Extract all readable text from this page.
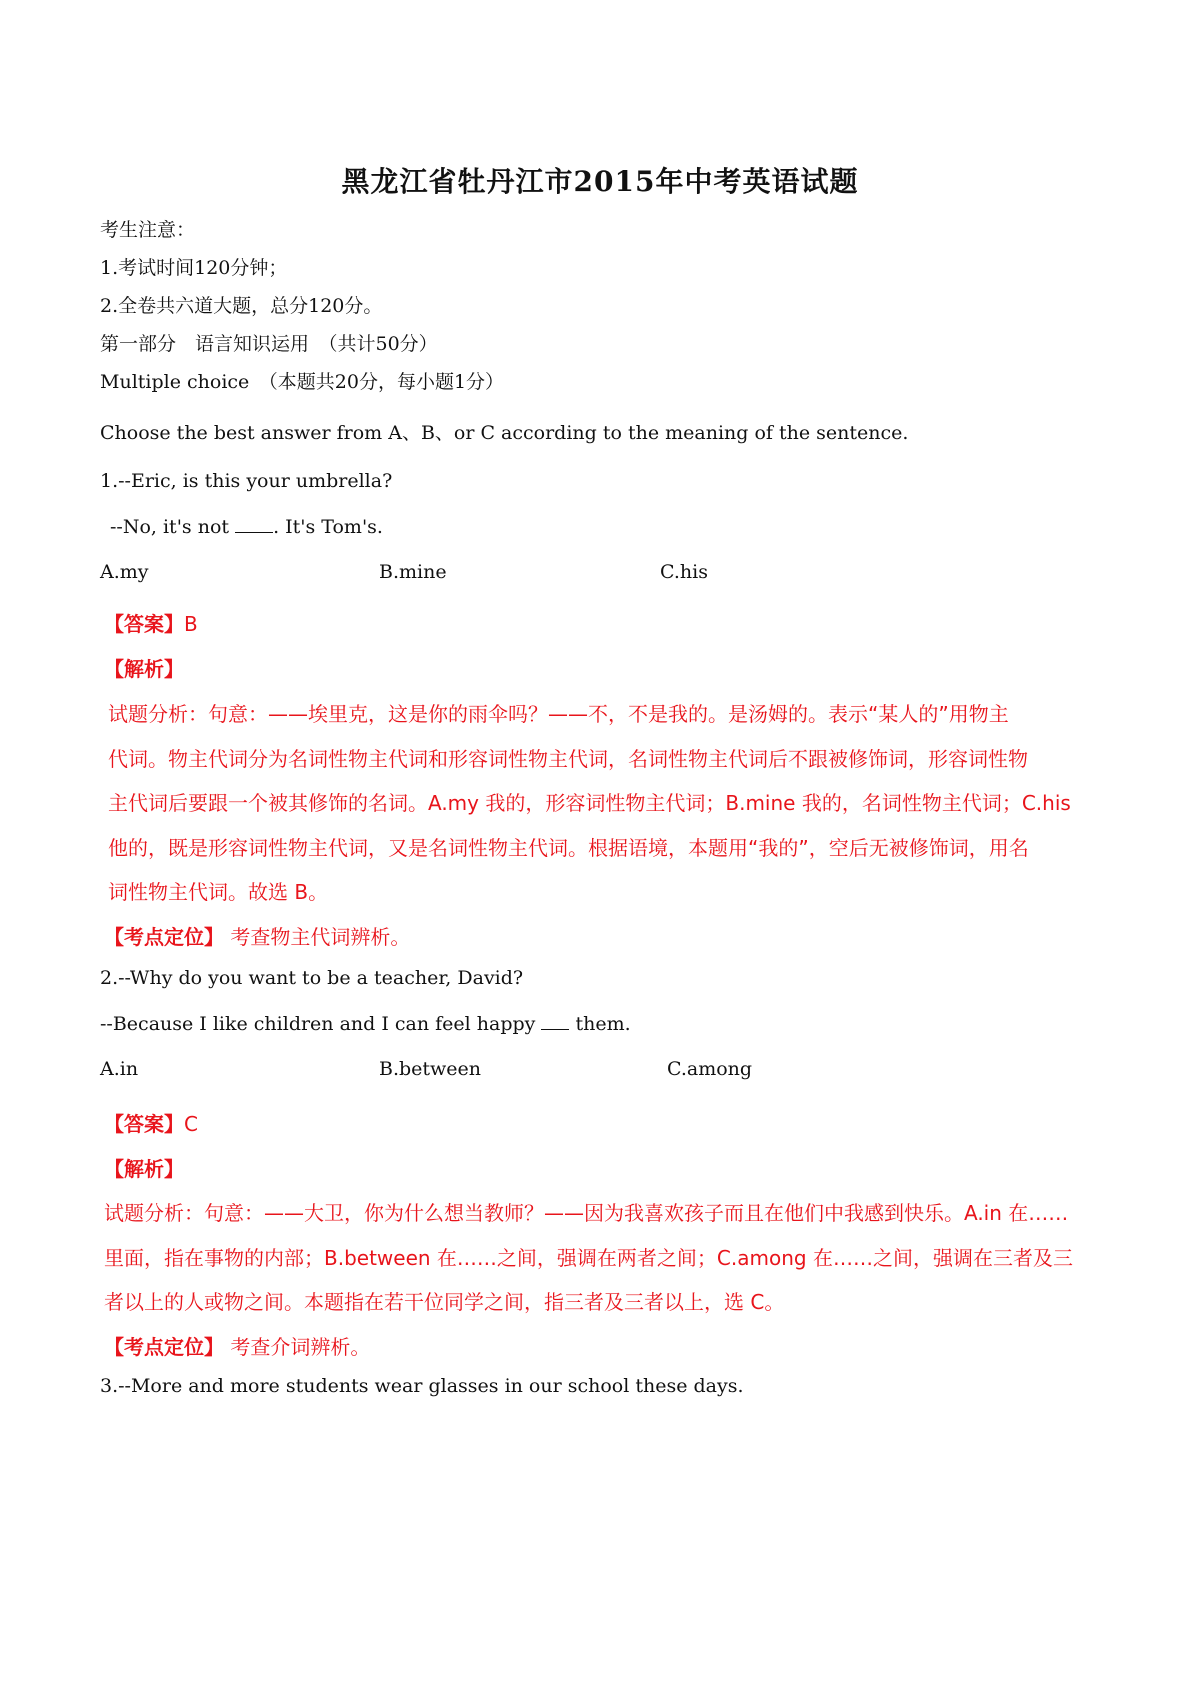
黑龙江省牡丹江市2015年中考英语试题
考生注意：
1.考试时间120分钟；
2.全卷共六道大题，总分120分。
第一部分　语言知识运用　（共计50分）
Multiple choice　（本题共20分，每小题1分）
Choose the best answer from A、B、or C according to the meaning of the sentence.
1.--Eric, is this your umbrella?
--No, it's not . It's Tom's.
A.my	B.mine	C.his
【答案】B
【解析】
试题分析：句意：——埃里克，这是你的雨伞吗？——不，不是我的。是汤姆的。表示“某人的”用物主
代词。物主代词分为名词性物主代词和形容词性物主代词，名词性物主代词后不跟被修饰词，形容词性物
主代词后要跟一个被其修饰的名词。A.my 我的，形容词性物主代词；B.mine 我的，名词性物主代词；C.his
他的，既是形容词性物主代词，又是名词性物主代词。根据语境，本题用“我的”，空后无被修饰词，用名
词性物主代词。故选 B。
【考点定位】 考查物主代词辨析。
2.--Why do you want to be a teacher, David?
--Because I like children and I can feel happy  them.
A.in	B.between	C.among
【答案】C
【解析】
试题分析：句意：——大卫，你为什么想当教师？——因为我喜欢孩子而且在他们中我感到快乐。A.in 在……
里面，指在事物的内部；B.between 在……之间，强调在两者之间；C.among 在……之间，强调在三者及三
者以上的人或物之间。本题指在若干位同学之间，指三者及三者以上，选 C。
【考点定位】 考查介词辨析。
3.--More and more students wear glasses in our school these days.
